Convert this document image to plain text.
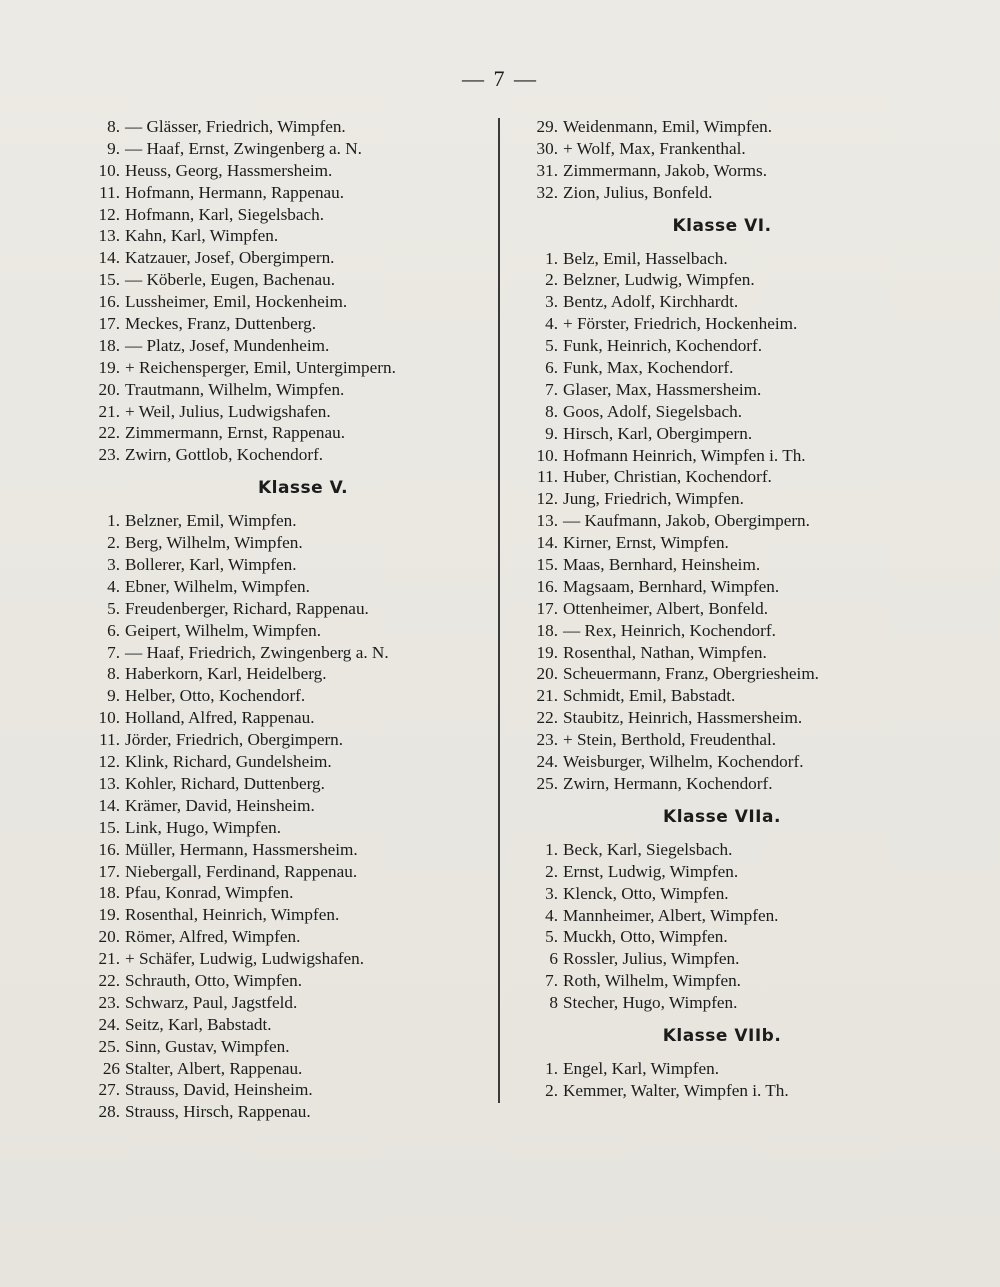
— 7 —
8. — Glässer, Friedrich, Wimpfen.
9. — Haaf, Ernst, Zwingenberg a. N.
10. Heuss, Georg, Hassmersheim.
11. Hofmann, Hermann, Rappenau.
12. Hofmann, Karl, Siegelsbach.
13. Kahn, Karl, Wimpfen.
14. Katzauer, Josef, Obergimpern.
15. — Köberle, Eugen, Bachenau.
16. Lussheimer, Emil, Hockenheim.
17. Meckes, Franz, Duttenberg.
18. — Platz, Josef, Mundenheim.
19. + Reichensperger, Emil, Untergimpern.
20. Trautmann, Wilhelm, Wimpfen.
21. + Weil, Julius, Ludwigshafen.
22. Zimmermann, Ernst, Rappenau.
23. Zwirn, Gottlob, Kochendorf.
Klasse V.
1. Belzner, Emil, Wimpfen.
2. Berg, Wilhelm, Wimpfen.
3. Bollerer, Karl, Wimpfen.
4. Ebner, Wilhelm, Wimpfen.
5. Freudenberger, Richard, Rappenau.
6. Geipert, Wilhelm, Wimpfen.
7. — Haaf, Friedrich, Zwingenberg a. N.
8. Haberkorn, Karl, Heidelberg.
9. Helber, Otto, Kochendorf.
10. Holland, Alfred, Rappenau.
11. Jörder, Friedrich, Obergimpern.
12. Klink, Richard, Gundelsheim.
13. Kohler, Richard, Duttenberg.
14. Krämer, David, Heinsheim.
15. Link, Hugo, Wimpfen.
16. Müller, Hermann, Hassmersheim.
17. Niebergall, Ferdinand, Rappenau.
18. Pfau, Konrad, Wimpfen.
19. Rosenthal, Heinrich, Wimpfen.
20. Römer, Alfred, Wimpfen.
21. + Schäfer, Ludwig, Ludwigshafen.
22. Schrauth, Otto, Wimpfen.
23. Schwarz, Paul, Jagstfeld.
24. Seitz, Karl, Babstadt.
25. Sinn, Gustav, Wimpfen.
26 Stalter, Albert, Rappenau.
27. Strauss, David, Heinsheim.
28. Strauss, Hirsch, Rappenau.
29. Weidenmann, Emil, Wimpfen.
30. + Wolf, Max, Frankenthal.
31. Zimmermann, Jakob, Worms.
32. Zion, Julius, Bonfeld.
Klasse VI.
1. Belz, Emil, Hasselbach.
2. Belzner, Ludwig, Wimpfen.
3. Bentz, Adolf, Kirchhardt.
4. + Förster, Friedrich, Hockenheim.
5. Funk, Heinrich, Kochendorf.
6. Funk, Max, Kochendorf.
7. Glaser, Max, Hassmersheim.
8. Goos, Adolf, Siegelsbach.
9. Hirsch, Karl, Obergimpern.
10. Hofmann Heinrich, Wimpfen i. Th.
11. Huber, Christian, Kochendorf.
12. Jung, Friedrich, Wimpfen.
13. — Kaufmann, Jakob, Obergimpern.
14. Kirner, Ernst, Wimpfen.
15. Maas, Bernhard, Heinsheim.
16. Magsaam, Bernhard, Wimpfen.
17. Ottenheimer, Albert, Bonfeld.
18. — Rex, Heinrich, Kochendorf.
19. Rosenthal, Nathan, Wimpfen.
20. Scheuermann, Franz, Obergriesheim.
21. Schmidt, Emil, Babstadt.
22. Staubitz, Heinrich, Hassmersheim.
23. + Stein, Berthold, Freudenthal.
24. Weisburger, Wilhelm, Kochendorf.
25. Zwirn, Hermann, Kochendorf.
Klasse VIIa.
1. Beck, Karl, Siegelsbach.
2. Ernst, Ludwig, Wimpfen.
3. Klenck, Otto, Wimpfen.
4. Mannheimer, Albert, Wimpfen.
5. Muckh, Otto, Wimpfen.
6 Rossler, Julius, Wimpfen.
7. Roth, Wilhelm, Wimpfen.
8 Stecher, Hugo, Wimpfen.
Klasse VIIb.
1. Engel, Karl, Wimpfen.
2. Kemmer, Walter, Wimpfen i. Th.
